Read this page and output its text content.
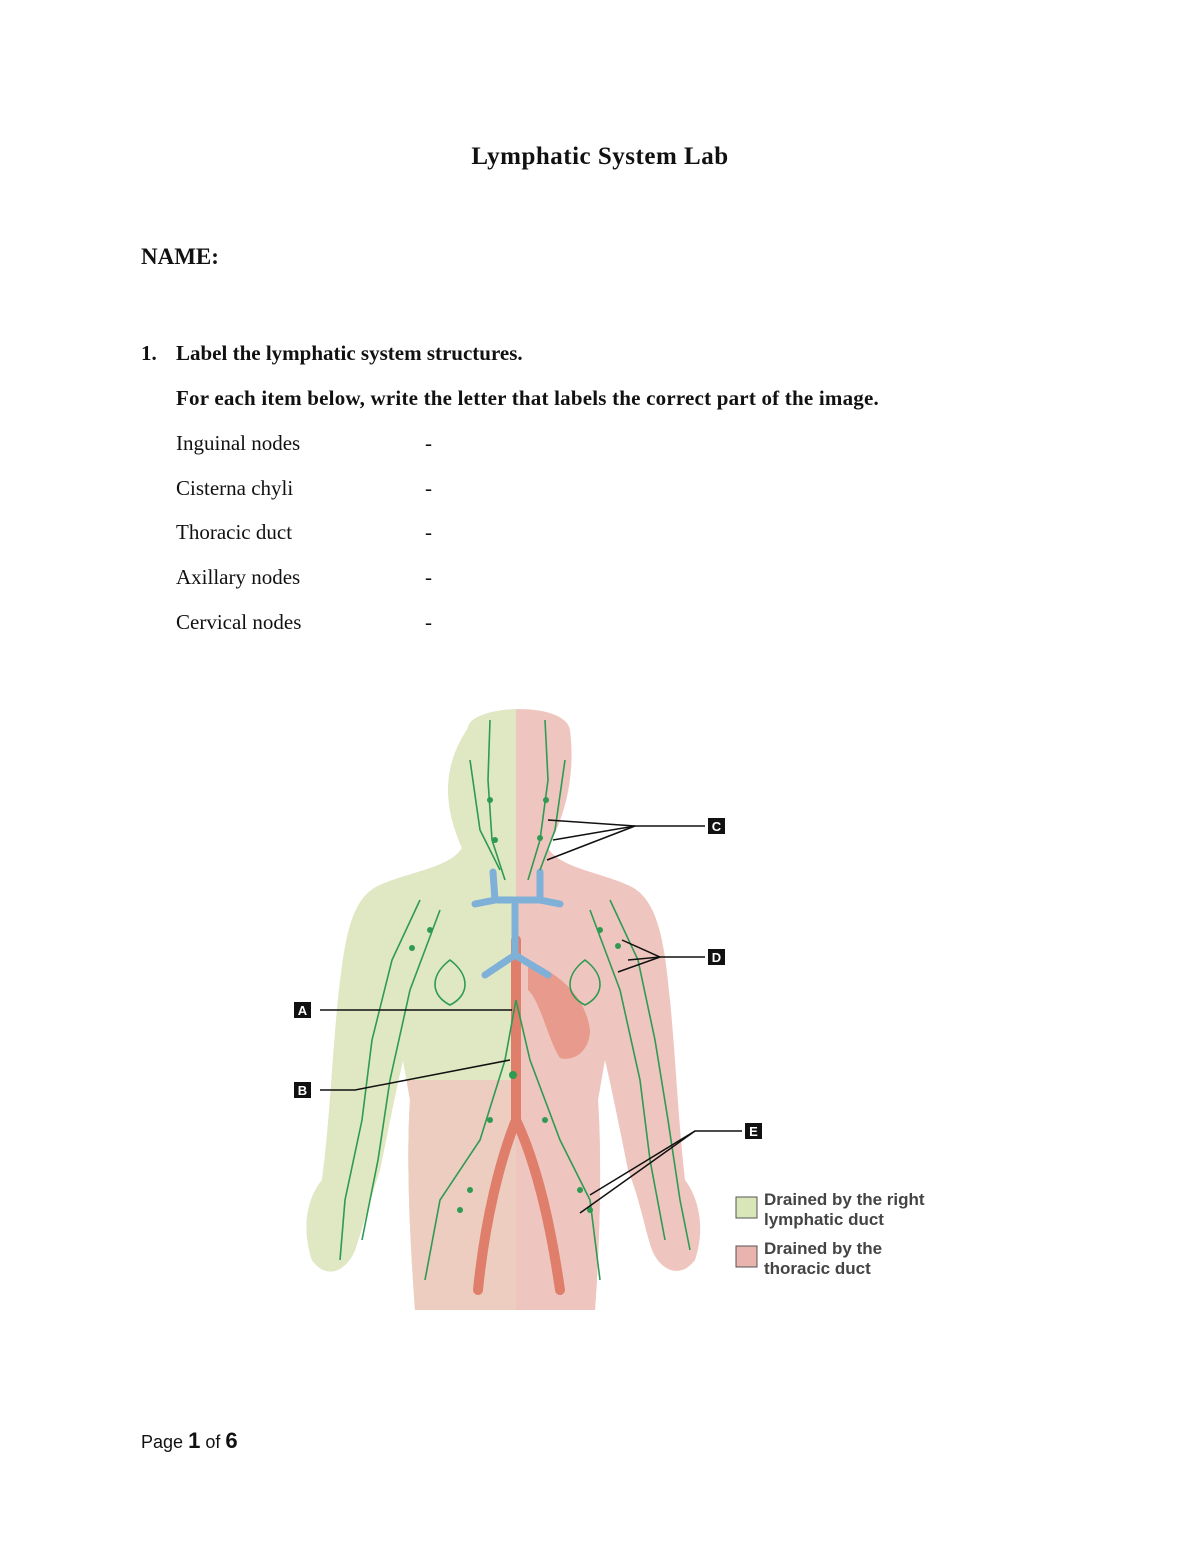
Lymphatic System Lab
NAME:
1. Label the lymphatic system structures.
For each item below, write the letter that labels the correct part of the image.
Inguinal nodes	-
Cisterna chyli	-
Thoracic duct	-
Axillary nodes	-
Cervical nodes	-
A
B
C
D
E
Drained by the right
lymphatic duct
Drained by the
thoracic duct
Page 1 of 6
